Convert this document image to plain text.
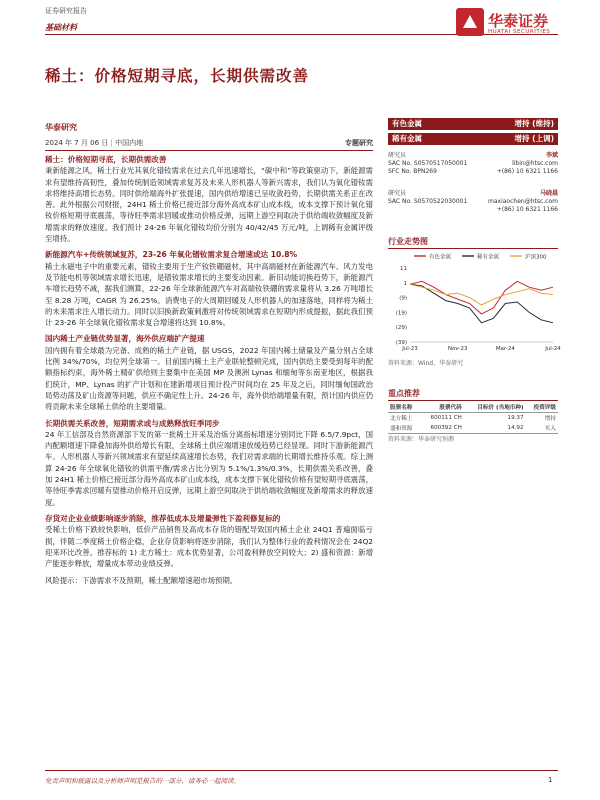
证券研究报告
基础材料	华泰证券
HUATAI SECURITIES
稀土：价格短期寻底，长期供需改善
华泰研究
2024 年 7 月 06 日 | 中国内地	专题研究
稀土：价格短期寻底，长期供需改善

秉新能源之风，稀土行业光其氧化镨钕需求在过去几年迅速增长，“碳中和”等政策驱动下，新能源需求有望维持高韧性，叠加传统制造领域需求复苏及未来人形机器人等新兴需求，我们认为氧化镨钕需求将维持高增长态势。同时供给端海外扩张提速，国内供给增速已呈收敛趋势，长期供需关系正在改善。此外根据公司财报，24H1 稀土价格已接近部分海外高成本矿山成本线，成本支撑下预计氧化镨钕价格短期寻底震荡，等待旺季需求回暖或推动价格反弹，远期上游空间取决于供给端收敛幅度及新增需求的释放速度。我们预计 24-26 年氧化镨钕均价分别为 40/42/45 万元/吨，上调稀有金属评级至增持。

新能源汽车+传统领域复苏，23-26 年氧化镨钕需求复合增速或达 10.8%

稀土永磁电子中的重要元素，镨钕主要用于生产钕铁硼磁材，其中高端磁材在新能源汽车、风力发电及节能电机等领域需求增长迅速，是镨钕需求增长的主要变动因素。新旧动能切换趋势下，新能源汽车增长趋势不减，据我们测算，22-26 年全球新能源汽车对高端钕铁硼的需求量将从 3.26 万吨增长至 8.28 万吨，CAGR 为 26.25%。消费电子的大周期回暖及人形机器人的加速落地，同样将为稀土的未来需求注入增长动力。同时以旧换新政策刺激将对传统领域需求在短期内形成提振，据此我们预计 23-26 年全球氧化镨钕需求复合增速将达到 10.8%。

国内稀土产业链优势显著，海外供应端扩产提速

国内拥有着全球最为完备、成熟的稀土产业链，据 USGS，2022 年国内稀土储量及产量分别占全球比例 34%/70%，均位列全球第一。目前国内稀土主产业联轮整顿完成，国内供给主要受到每年的配额指标约束，海外稀土精矿供给则主要集中在美国 MP 及澳洲 Lynas 和缅甸等东南亚地区，根据我们统计，MP、Lynas 的扩产计划和在建新增项目预计投产时间均在 25 年及之后，同时缅甸国政治局势动荡及矿山资源等问题，供应不确定性上升。24-26 年，海外供给端增量有限，预计国内供应仍将贡献未来全球稀土供给的主要增量。

长期供需关系改善，短期需求或与成熟释放旺季同步

24 年工信部及自然资源部下发的第一批稀土开采及冶炼分离指标增速分别同比下降 6.5/7.9pct，国内配额增速下降叠加海外供给增长有限，全球稀土供应端增速放缓趋势已经显现。同时下游新能源汽车、人形机器人等新兴领域需求有望延续高速增长态势，我们对需求端的长期增长维持乐观。综上测算 24-26 年全球氧化镨钕的供需平衡/需求占比分别为 5.1%/1.3%/0.3%，长期供需关系改善，叠加 24H1 稀土价格已接近部分海外高成本矿山成本线，成本支撑下氧化镨钕价格有望短期寻底震荡，等待旺季需求回暖有望推动价格开启反弹，远期上游空间取决于供给端收敛幅度及新增需求的释放速度。

存货对企业业绩影响逐步消除，推荐低成本及增量弹性下盈利修复标的

受稀土价格下跌较快影响，低价产品销售及高成本存货的错配导致国内稀土企业 24Q1 普遍面临亏损，伴随二季度稀土价格企稳，企业存货影响将逐步消除，我们认为整体行业的盈利情况会在 24Q2 迎来环比改善。推荐标的 1) 北方稀土：成本优势显著，公司盈利释放空间较大；2) 盛和资源：新增产能逐步释放，增量成本带动业绩反弹。

风险提示：下游需求不及预期，稀土配额增速超市场预期。

有色金属	增持 (维持)
稀有金属	增持 (上调)
研究员	李斌
SAC No. S0570517050001	libin@htsc.com
SFC No. BPN269	+(86) 10 6321 1166
研究员	马晓晨
SAC No. S0570522030001	maxiaochen@htsc.com
+(86) 10 6321 1166
行业走势图
有色金属	稀有金属	沪深300
11
1
(9)
(19)
(29)
(39)
Jul-23	Nov-23	Mar-24	Jul-24
资料来源：Wind，华泰研究
重点推荐
股票名称	股票代码	目标价 (当地币种)	投资评级
北方稀土	600111 CH	19.37	增持
盛和资源	600392 CH	14.92	买入
资料来源：华泰研究预测
免责声明和披露以及分析师声明是报告的一部分，请务必一起阅读。	1
